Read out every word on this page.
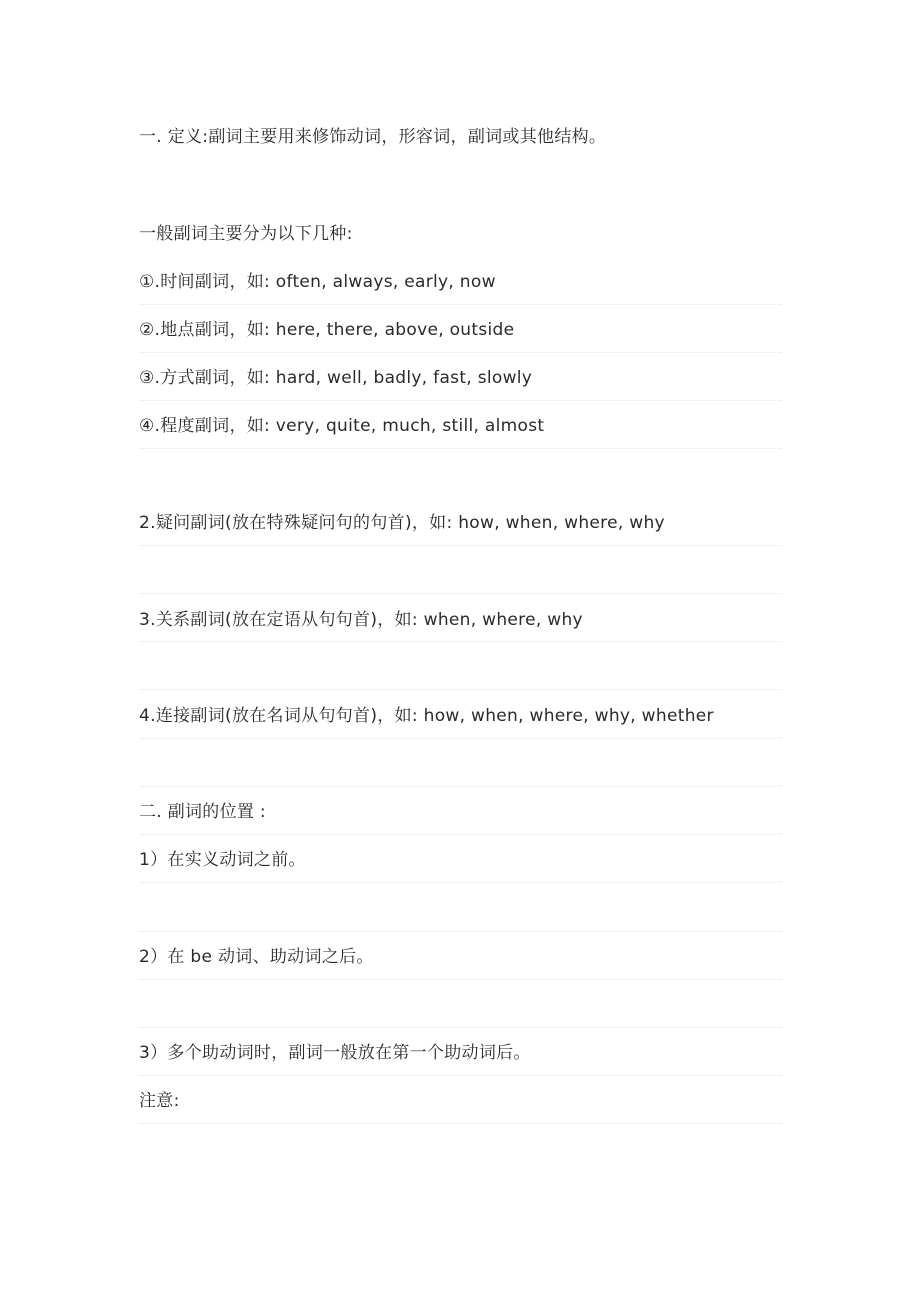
一. 定义:副词主要用来修饰动词，形容词，副词或其他结构。
一般副词主要分为以下几种:
①.时间副词，如: often, always, early, now
②.地点副词，如: here, there, above, outside
③.方式副词，如: hard, well, badly, fast, slowly
④.程度副词，如: very, quite, much, still, almost
2.疑问副词(放在特殊疑问句的句首)，如: how, when, where, why
3.关系副词(放在定语从句句首)，如: when, where, why
4.连接副词(放在名词从句句首)，如: how, when, where, why, whether
二. 副词的位置 :
1）在实义动词之前。
2）在 be 动词、助动词之后。
3）多个助动词时，副词一般放在第一个助动词后。
注意:
